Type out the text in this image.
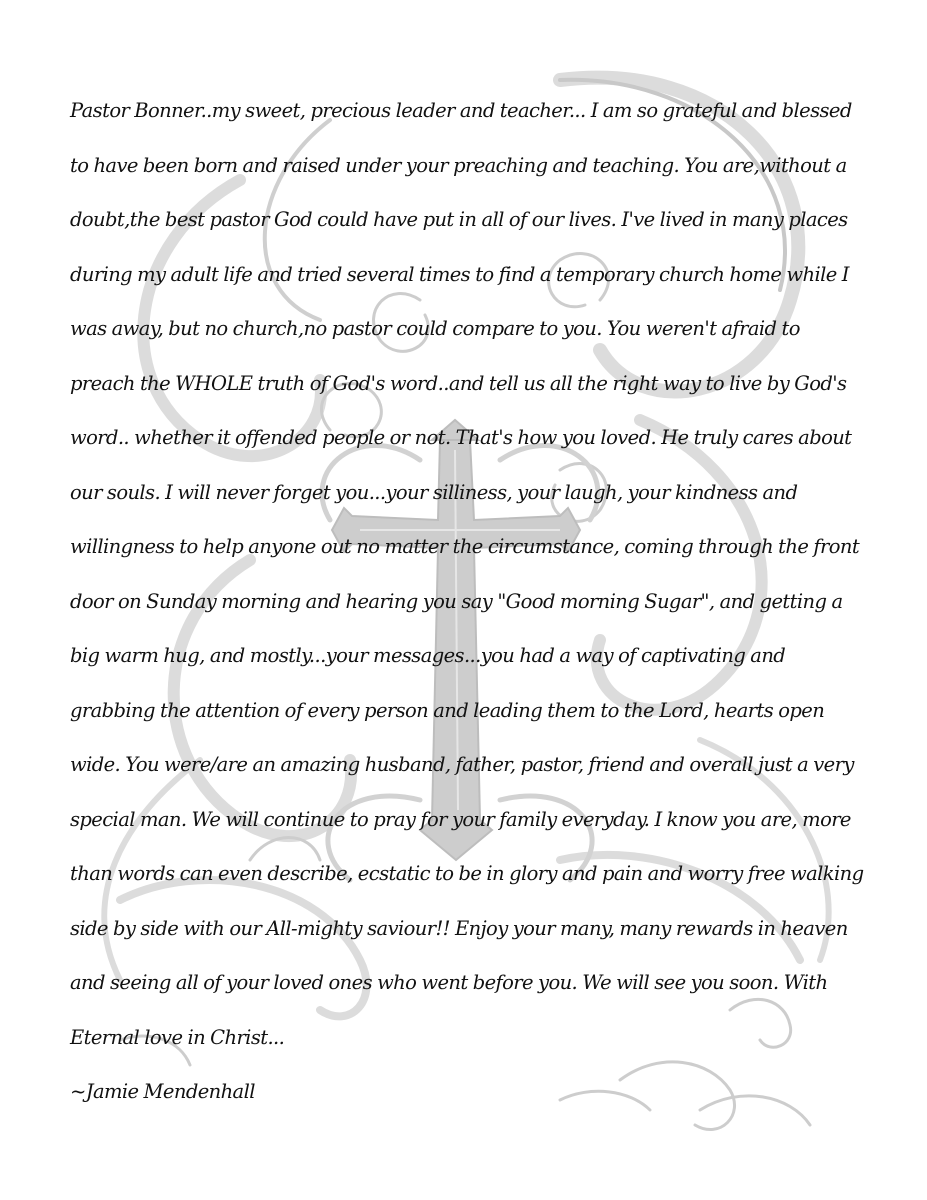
Pastor Bonner..my sweet, precious leader and teacher... I am so grateful and blessed
to have been born and raised under your preaching and teaching. You are,without a
doubt,the best pastor God could have put in all of our lives. I've lived in many places
during my adult life and tried several times to find a temporary church home while I
was away, but no church,no pastor could compare to you. You weren't afraid to
preach the WHOLE truth of God's word..and tell us all the right way to live by God's
word.. whether it offended people or not. That's how you loved. He truly cares about
our souls. I will never forget you...your silliness, your laugh, your kindness and
willingness to help anyone out no matter the circumstance, coming through the front
door on Sunday morning and hearing you say "Good morning Sugar", and getting a
big warm hug, and mostly...your messages...you had a way of captivating and
grabbing the attention of every person and leading them to the Lord, hearts open
wide. You were/are an amazing husband, father, pastor, friend and overall just a very
special man. We will continue to pray for your family everyday. I know you are, more
than words can even describe, ecstatic to be in glory and pain and worry free walking
side by side with our All-mighty saviour!! Enjoy your many, many rewards in heaven
and seeing all of your loved ones who went before you. We will see you soon. With
Eternal love in Christ...
~Jamie Mendenhall
